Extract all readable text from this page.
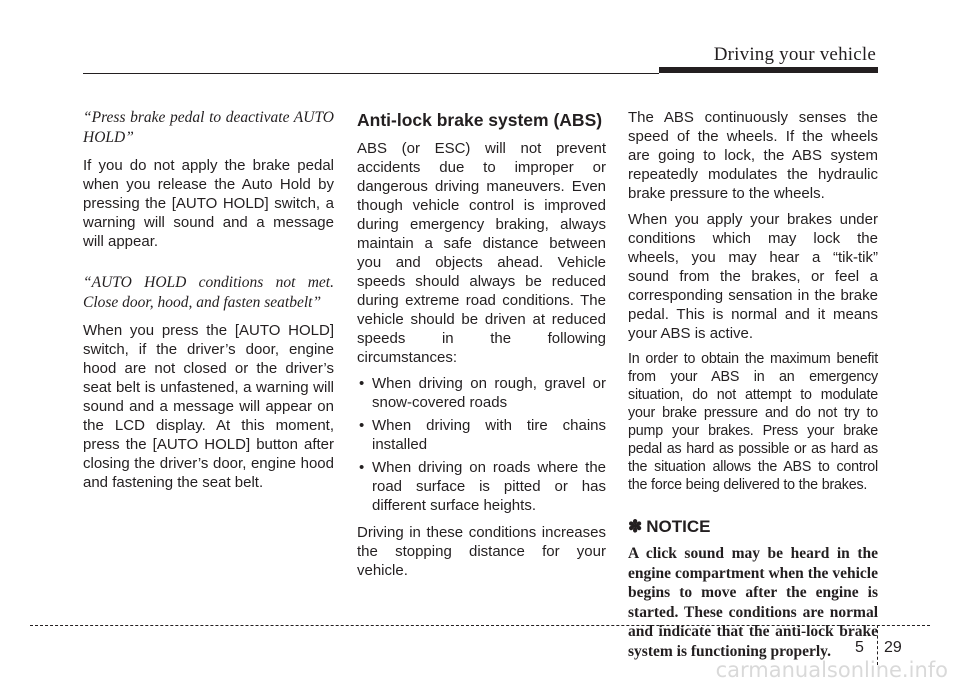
Driving your vehicle

“Press brake pedal to deactivate AUTO HOLD”

If you do not apply the brake pedal when you release the Auto Hold by pressing the [AUTO HOLD] switch, a warning will sound and a message will appear.

“AUTO HOLD conditions not met. Close door, hood, and fasten seatbelt”

When you press the [AUTO HOLD] switch, if the driver’s door, engine hood are not closed or the driver’s seat belt is unfastened, a warning will sound and a message will appear on the LCD display. At this moment, press the [AUTO HOLD] button after closing the driver’s door, engine hood and fastening the seat belt.

Anti-lock brake system (ABS)

ABS (or ESC) will not prevent accidents due to improper or dangerous driving maneuvers. Even though vehicle control is improved during emergency braking, always maintain a safe distance between you and objects ahead. Vehicle speeds should always be reduced during extreme road conditions. The vehicle should be driven at reduced speeds in the following circumstances:

• When driving on rough, gravel or snow-covered roads
• When driving with tire chains installed
• When driving on roads where the road surface is pitted or has different surface heights.

Driving in these conditions increases the stopping distance for your vehicle.

The ABS continuously senses the speed of the wheels. If the wheels are going to lock, the ABS system repeatedly modulates the hydraulic brake pressure to the wheels.

When you apply your brakes under conditions which may lock the wheels, you may hear a “tik-tik” sound from the brakes, or feel a corresponding sensation in the brake pedal. This is normal and it means your ABS is active.

In order to obtain the maximum benefit from your ABS in an emergency situation, do not attempt to modulate your brake pressure and do not try to pump your brakes. Press your brake pedal as hard as possible or as hard as the situation allows the ABS to control the force being delivered to the brakes.

✽ NOTICE

A click sound may be heard in the engine compartment when the vehicle begins to move after the engine is started. These conditions are normal and indicate that the anti-lock brake system is functioning properly.	5 29
carmanualsonline.info
